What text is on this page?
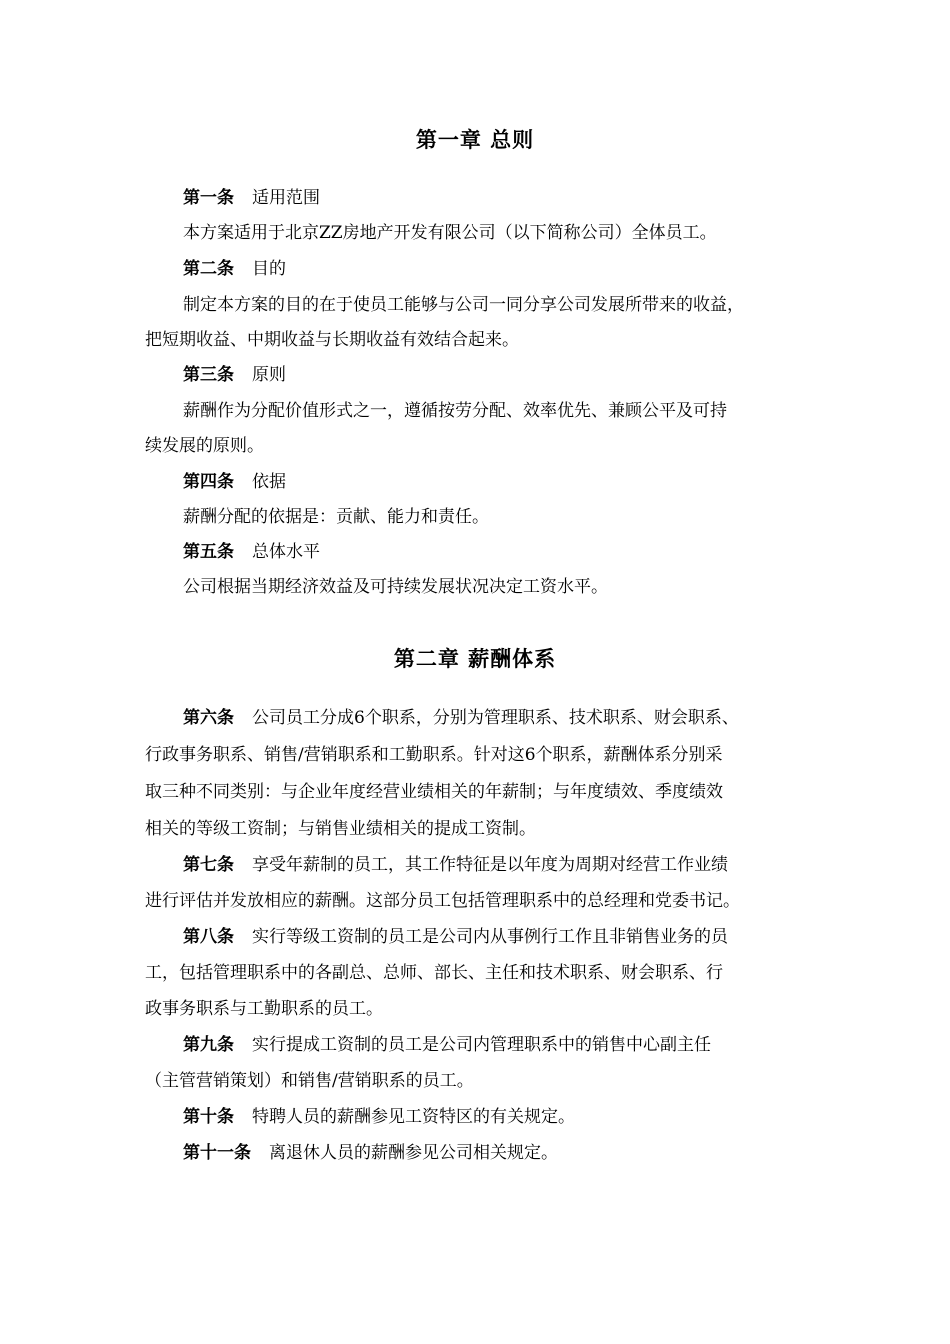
第一章 总则
第二章 薪酬体系

第一条 适用范围

本方案适用于北京ZZ房地产开发有限公司（以下简称公司）全体员工。

第二条 目的

制定本方案的目的在于使员工能够与公司一同分享公司发展所带来的收益，

把短期收益、中期收益与长期收益有效结合起来。

第三条 原则

薪酬作为分配价值形式之一，遵循按劳分配、效率优先、兼顾公平及可持

续发展的原则。

第四条 依据

薪酬分配的依据是：贡献、能力和责任。

第五条 总体水平

公司根据当期经济效益及可持续发展状况决定工资水平。

第六条 公司员工分成6个职系，分别为管理职系、技术职系、财会职系、

行政事务职系、销售/营销职系和工勤职系。针对这6个职系，薪酬体系分别采

取三种不同类别：与企业年度经营业绩相关的年薪制；与年度绩效、季度绩效

相关的等级工资制；与销售业绩相关的提成工资制。

第七条 享受年薪制的员工，其工作特征是以年度为周期对经营工作业绩

进行评估并发放相应的薪酬。这部分员工包括管理职系中的总经理和党委书记。

第八条 实行等级工资制的员工是公司内从事例行工作且非销售业务的员

工，包括管理职系中的各副总、总师、部长、主任和技术职系、财会职系、行

政事务职系与工勤职系的员工。

第九条 实行提成工资制的员工是公司内管理职系中的销售中心副主任

（主管营销策划）和销售/营销职系的员工。

第十条 特聘人员的薪酬参见工资特区的有关规定。

第十一条 离退休人员的薪酬参见公司相关规定。
